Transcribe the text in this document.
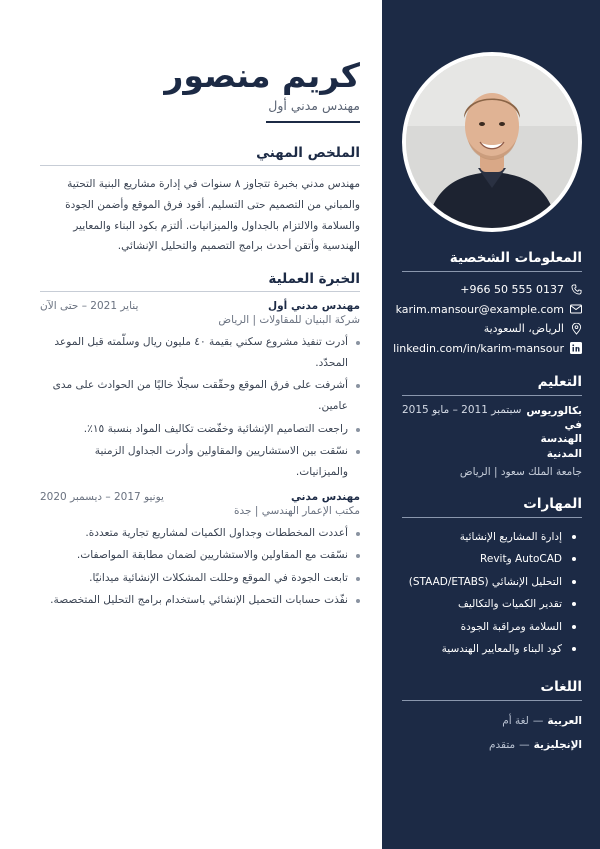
المعلومات الشخصية
+966 50 555 0137
karim.mansour@example.com
الرياض، السعودية
linkedin.com/in/karim-mansour
التعليم
بكالوريوس في الهندسة المدنية
سبتمبر 2011 – مايو 2015
جامعة الملك سعود | الرياض
المهارات
إدارة المشاريع الإنشائية
AutoCAD وRevit
التحليل الإنشائي (STAAD/ETABS)
تقدير الكميات والتكاليف
السلامة ومراقبة الجودة
كود البناء والمعايير الهندسية
اللغات
العربية
—
لغة أم
الإنجليزية
—
متقدم
كريم منصور
مهندس مدني أول
الملخص المهني

مهندس مدني بخبرة تتجاوز ٨ سنوات في إدارة مشاريع البنية التحتية والمباني من التصميم حتى التسليم. أقود فرق الموقع وأضمن الجودة والسلامة والالتزام بالجداول والميزانيات. ألتزم بكود البناء والمعايير الهندسية وأتقن أحدث برامج التصميم والتحليل الإنشائي.

الخبرة العملية
مهندس مدني أول
يناير 2021 – حتى الآن
شركة البنيان للمقاولات | الرياض
أدرت تنفيذ مشروع سكني بقيمة ٤٠ مليون ريال وسلّمته قبل الموعد المحدّد.
أشرفت على فرق الموقع وحقّقت سجلًا خاليًا من الحوادث على مدى عامين.
راجعت التصاميم الإنشائية وخفّضت تكاليف المواد بنسبة ١٥٪.
نسّقت بين الاستشاريين والمقاولين وأدرت الجداول الزمنية والميزانيات.
مهندس مدني
يونيو 2017 – ديسمبر 2020
مكتب الإعمار الهندسي | جدة
أعددت المخططات وجداول الكميات لمشاريع تجارية متعددة.
نسّقت مع المقاولين والاستشاريين لضمان مطابقة المواصفات.
تابعت الجودة في الموقع وحللت المشكلات الإنشائية ميدانيًا.
نفّذت حسابات التحميل الإنشائي باستخدام برامج التحليل المتخصصة.
